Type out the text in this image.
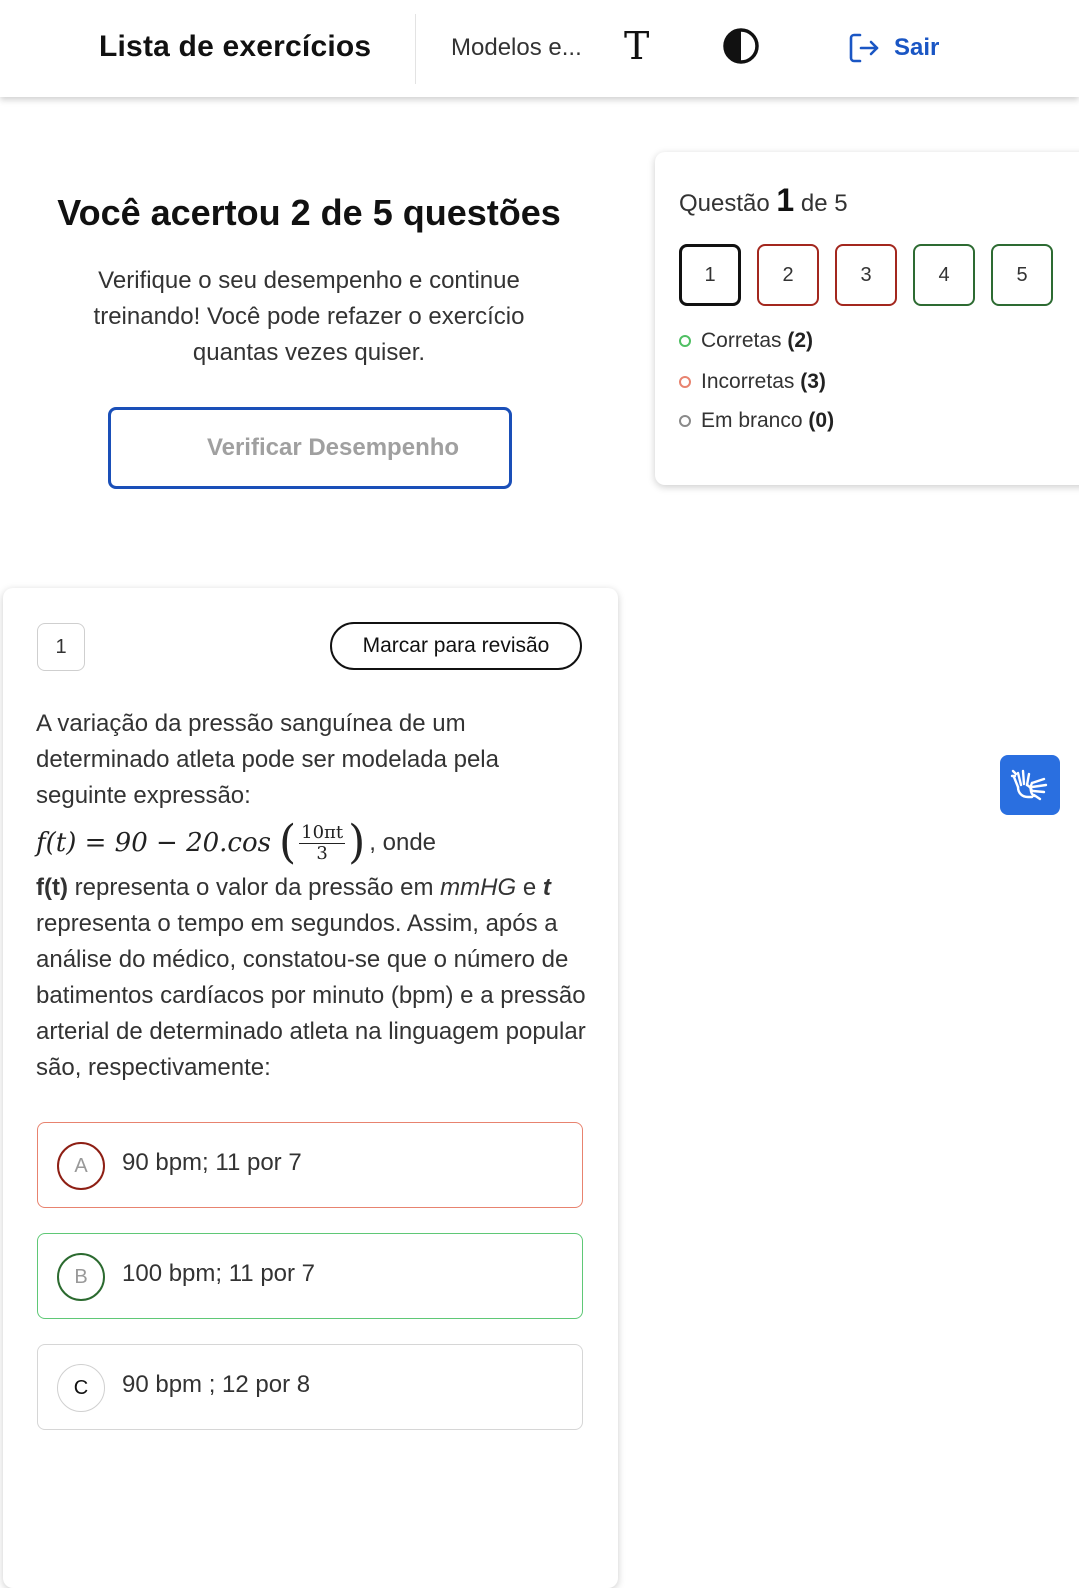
Lista de exercícios	Modelos e... T	Sair
Você acertou 2 de 5 questões
Verifique o seu desempenho e continue treinando! Você pode refazer o exercício quantas vezes quiser.
Verificar Desempenho
Questão 1 de 5
1	2	3	4	5
Corretas (2)
Incorretas (3)
Em branco (0)
1	Marcar para revisão
A variação da pressão sanguínea de um determinado atleta pode ser modelada pela seguinte expressão:
f(t) = 90 − 20. cos ( $\frac{10\pi t}{3}$ ) , onde
f(t) representa o valor da pressão em mmHG e t representa o tempo em segundos. Assim, após a análise do médico, constatou-se que o número de batimentos cardíacos por minuto (bpm) e a pressão arterial de determinado atleta na linguagem popular são, respectivamente:
A	90 bpm; 11 por 7
B	100 bpm; 11 por 7
C	90 bpm ; 12 por 8
